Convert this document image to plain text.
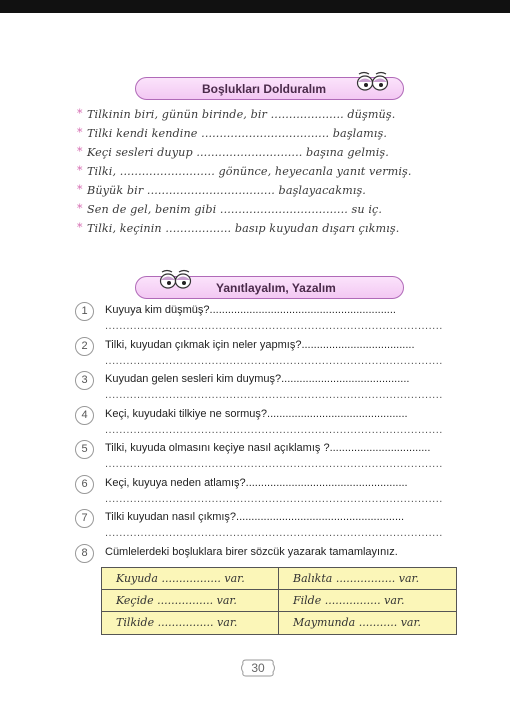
Boşlukları Dolduralım
* Tilkinin biri, günün birinde, bir .................... düşmüş.
* Tilki kendi kendine ................................... başlamış.
* Keçi sesleri duyup ............................. başına gelmiş.
* Tilki, .......................... gönünce, heyecanla yanıt vermiş.
* Büyük bir ................................... başlayacakmış.
* Sen de gel, benim gibi ................................... su iç.
* Tilki, keçinin .................. basıp kuyudan dışarı çıkmış.
Yanıtlayalım, Yazalım
1	Kuyuya kim düşmüş?.............................................................
...............................................................................................
2	Tilki, kuyudan çıkmak için neler yapmış?.....................................
...............................................................................................
3	Kuyudan gelen sesleri kim duymuş?..........................................
...............................................................................................
4	Keçi, kuyudaki tilkiye ne sormuş?..............................................
...............................................................................................
5	Tilki, kuyuda olmasını keçiye nasıl açıklamış ?.................................
...............................................................................................
6	Keçi, kuyuya neden atlamış?.....................................................
...............................................................................................
7	Tilki kuyudan nasıl çıkmış?.......................................................
...............................................................................................
8	Cümlelerdeki boşluklara birer sözcük yazarak tamamlayınız.
Kuyuda ................. var.	Balıkta ................. var.
Keçide ................ var.	Filde ................ var.
Tilkide ................ var.	Maymunda ........... var.
30
